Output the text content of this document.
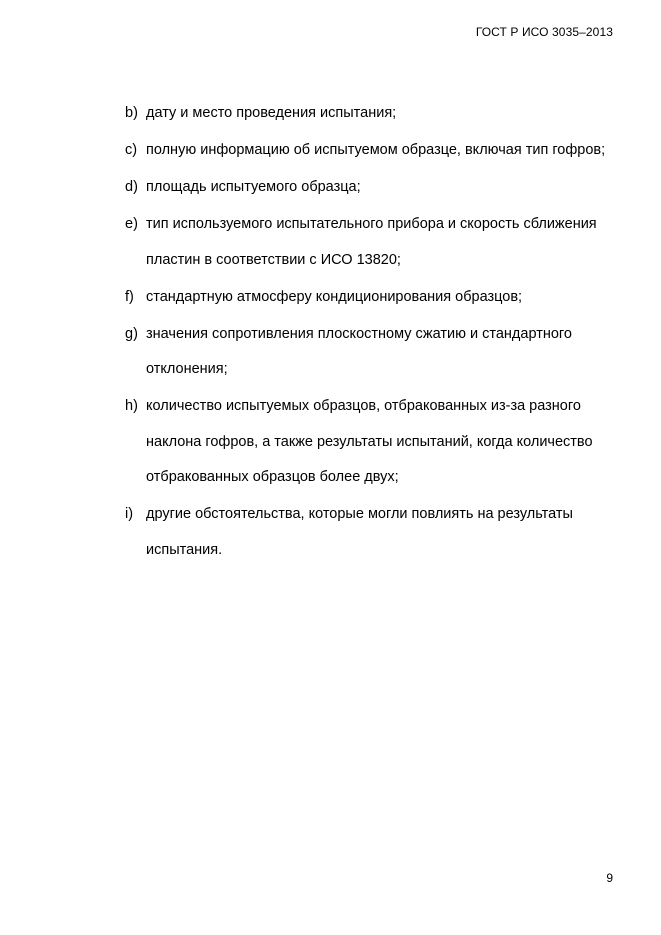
ГОСТ Р ИСО 3035–2013
b) дату и место проведения испытания;
c) полную информацию об испытуемом образце, включая тип гофров;
d) площадь испытуемого образца;
e) тип используемого испытательного прибора и скорость сближения пластин в соответствии с ИСО 13820;
f) стандартную атмосферу кондиционирования образцов;
g) значения сопротивления плоскостному сжатию и стандартного отклонения;
h) количество испытуемых образцов, отбракованных из-за разного наклона гофров, а также результаты испытаний, когда количество отбракованных образцов более двух;
i) другие обстоятельства, которые могли повлиять на результаты испытания.
9
